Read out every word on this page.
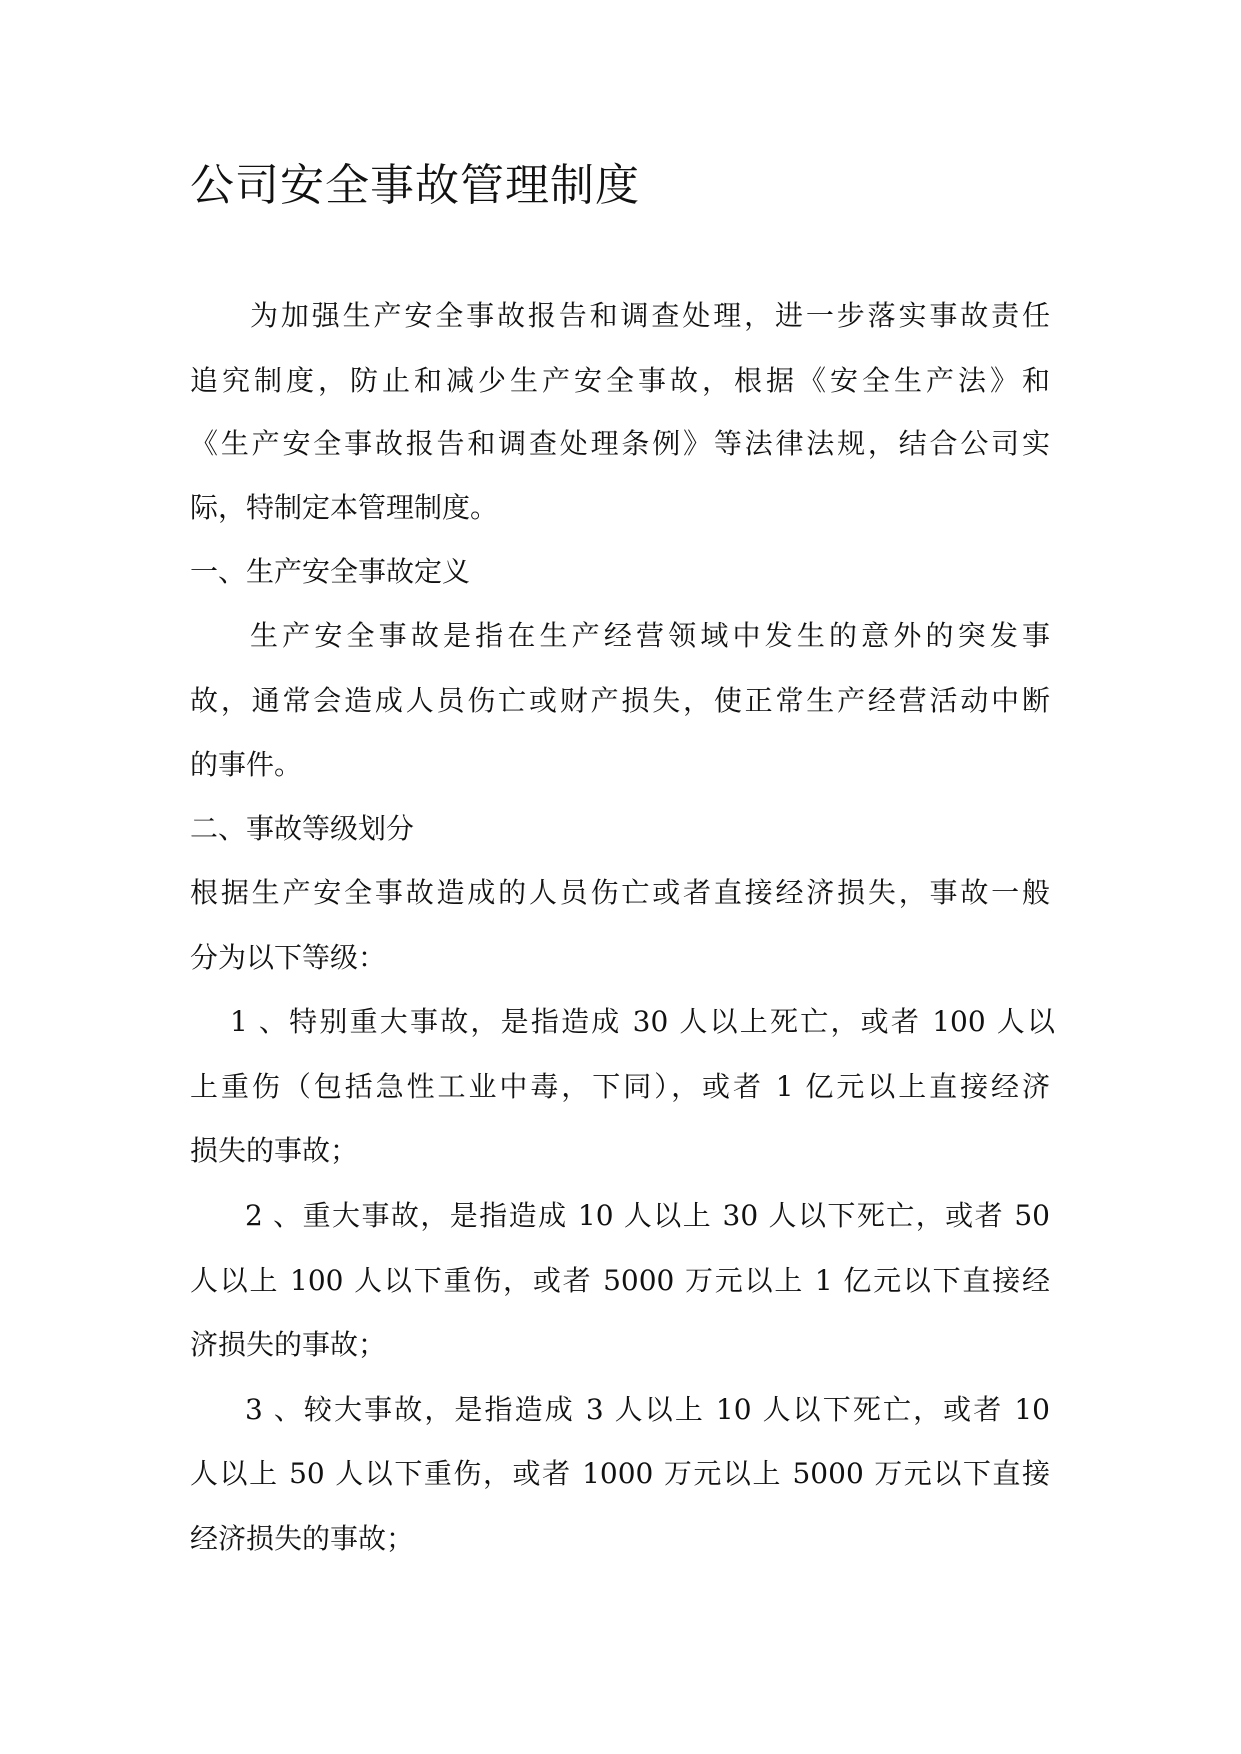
公司安全事故管理制度

为加强生产安全事故报告和调查处理，进一步落实事故责任

追究制度，防止和减少生产安全事故，根据《安全生产法》和

《生产安全事故报告和调查处理条例》等法律法规，结合公司实

际，特制定本管理制度。

一、生产安全事故定义

生产安全事故是指在生产经营领域中发生的意外的突发事

故，通常会造成人员伤亡或财产损失，使正常生产经营活动中断

的事件。

二、事故等级划分

根据生产安全事故造成的人员伤亡或者直接经济损失，事故一般

分为以下等级：

1 、特别重大事故，是指造成 30 人以上死亡，或者 100 人以

上重伤（包括急性工业中毒，下同），或者 1 亿元以上直接经济

损失的事故；

2 、重大事故，是指造成 10 人以上 30 人以下死亡，或者 50

人以上 100 人以下重伤，或者 5000 万元以上 1 亿元以下直接经

济损失的事故；

3 、较大事故，是指造成 3 人以上 10 人以下死亡，或者 10

人以上 50 人以下重伤，或者 1000 万元以上 5000 万元以下直接

经济损失的事故；
